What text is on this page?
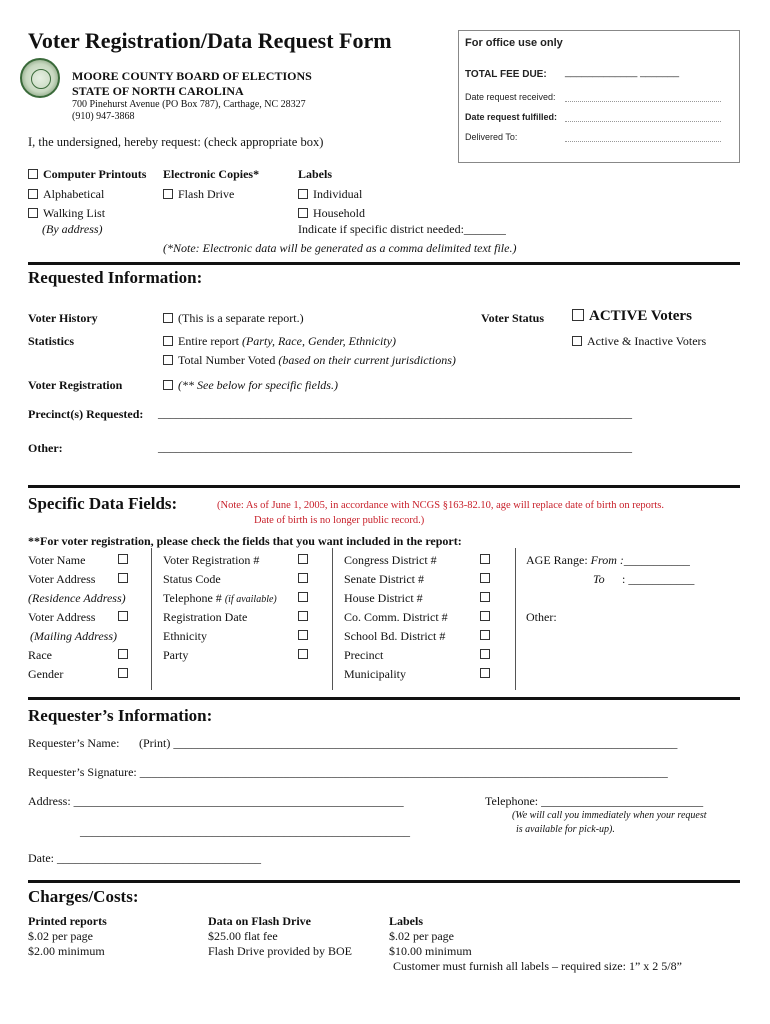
Voter Registration/Data Request Form
MOORE COUNTY BOARD OF ELECTIONS
STATE OF NORTH CAROLINA
700 Pinehurst Avenue (PO Box 787), Carthage, NC 28327
(910) 947-3868
For office use only
TOTAL FEE DUE: _____________ _______
Date request received:
Date request fulfilled:
Delivered To:
I, the undersigned, hereby request: (check appropriate box)
Computer Printouts
Alphabetical
Walking List
(By address)
Electronic Copies*
Flash Drive
Labels
Individual
Household
Indicate if specific district needed:_______
(*Note: Electronic data will be generated as a comma delimited text file.)
Requested Information:
Voter History	(This is a separate report.)	Voter Status	ACTIVE Voters
Active & Inactive Voters
Statistics	Entire report (Party, Race, Gender, Ethnicity)
Total Number Voted (based on their current jurisdictions)
Voter Registration	(** See below for specific fields.)
Precinct(s) Requested: _______________________________________________________________________________
Other:	_______________________________________________________________________________
Specific Data Fields:	(Note: As of June 1, 2005, in accordance with NCGS §163-82.10, age will replace date of birth on reports.
Date of birth is no longer public record.)
**For voter registration, please check the fields that you want included in the report:
Voter Name
Voter Address
(Residence Address)
Voter Address
(Mailing Address)
Race
Gender
Voter Registration #
Status Code
Telephone # (if available)
Registration Date
Ethnicity
Party
Congress District #
Senate District #
House District #
Co. Comm. District #
School Bd. District #
Precinct
Municipality
AGE Range: From :___________
To : ___________
Other:
Requester’s Information:
Requester’s Name: (Print) ____________________________________________________________________________________
Requester’s Signature: ________________________________________________________________________________________
Address: _______________________________________________________	Telephone: ___________________________
(We will call you immediately when your request
is available for pick-up).
_______________________________________________________
Date: __________________________________
Charges/Costs:
Printed reports
$.02 per page
$2.00 minimum
Data on Flash Drive
$25.00 flat fee
Flash Drive provided by BOE
Labels
$.02 per page
$10.00 minimum
Customer must furnish all labels – required size: 1” x 2 5/8”
